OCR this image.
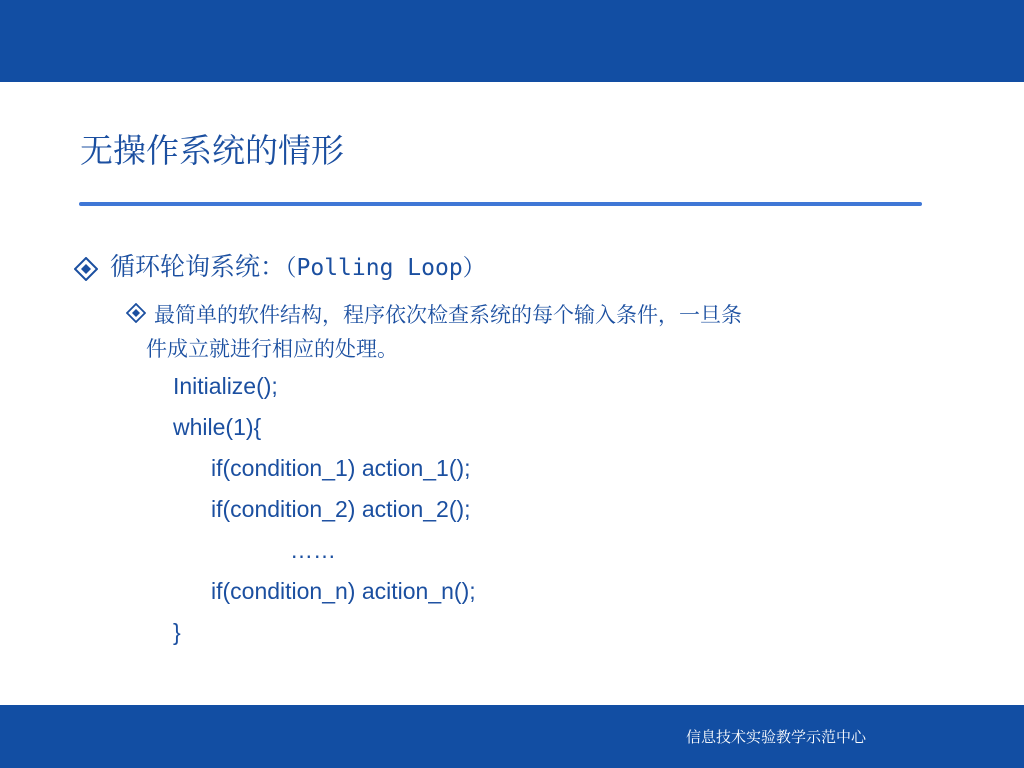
无操作系统的情形
循环轮询系统：（Polling Loop）
最简单的软件结构，程序依次检查系统的每个输入条件，一旦条
件成立就进行相应的处理。
Initialize();
while(1){
if(condition_1) action_1();
if(condition_2) action_2();
……
if(condition_n) acition_n();
}
信息技术实验教学示范中心
